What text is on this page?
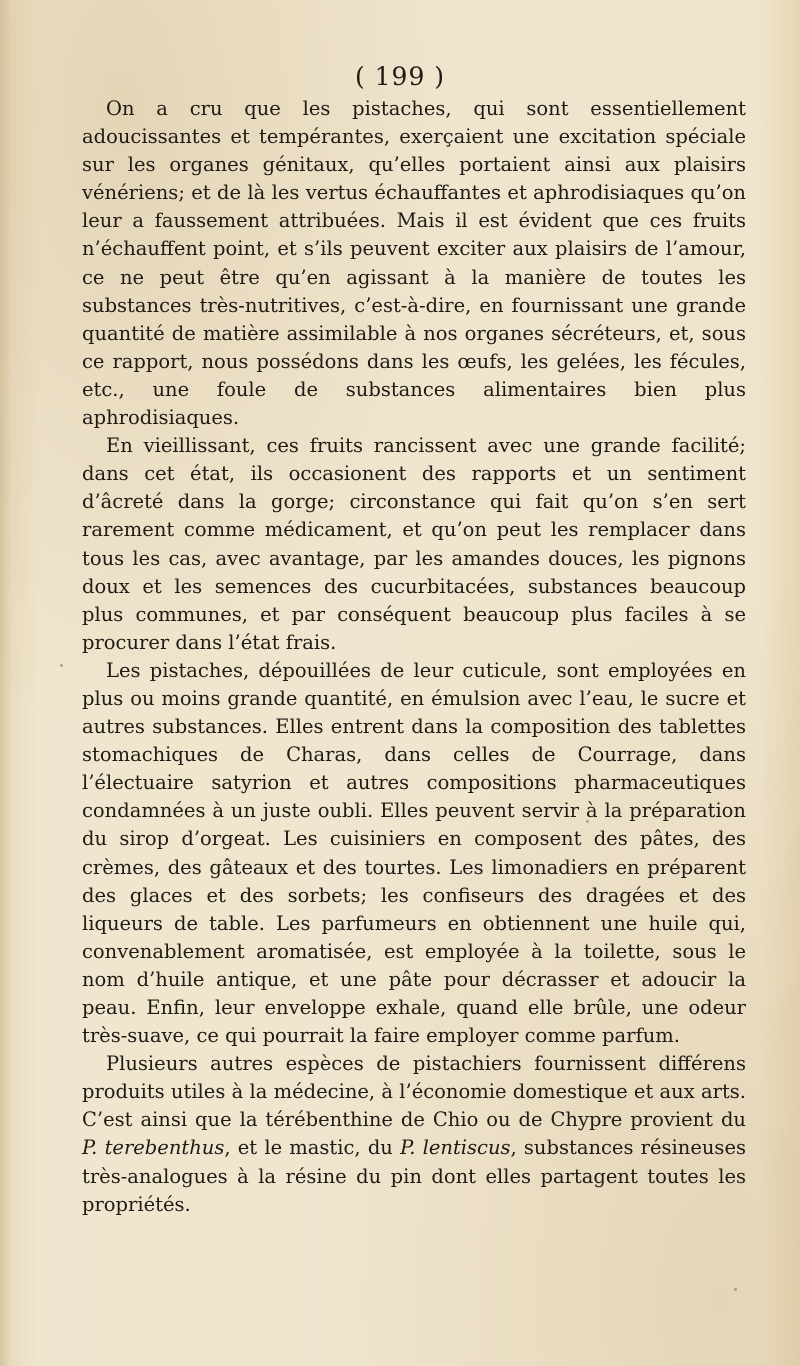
( 199 )

On a cru que les pistaches, qui sont essentiellement adoucissantes et tempérantes, exerçaient une excitation spéciale sur les organes génitaux, qu’elles portaient ainsi aux plaisirs vénériens; et de là les vertus échauffantes et aphrodisiaques qu’on leur a faussement attribuées. Mais il est évident que ces fruits n’échauffent point, et s’ils peuvent exciter aux plaisirs de l’amour, ce ne peut être qu’en agissant à la manière de toutes les substances très-nutritives, c’est-à-dire, en fournissant une grande quantité de matière assimilable à nos organes sécréteurs, et, sous ce rapport, nous possédons dans les œufs, les gelées, les fécules, etc., une foule de substances alimentaires bien plus aphrodisiaques.

En vieillissant, ces fruits rancissent avec une grande facilité; dans cet état, ils occasionent des rapports et un sentiment d’âcreté dans la gorge; circonstance qui fait qu’on s’en sert rarement comme médicament, et qu’on peut les remplacer dans tous les cas, avec avantage, par les amandes douces, les pignons doux et les semences des cucurbitacées, substances beaucoup plus communes, et par conséquent beaucoup plus faciles à se procurer dans l’état frais.

Les pistaches, dépouillées de leur cuticule, sont employées en plus ou moins grande quantité, en émulsion avec l’eau, le sucre et autres substances. Elles entrent dans la composition des tablettes stomachiques de Charas, dans celles de Courrage, dans l’électuaire satyrion et autres compositions pharmaceutiques condamnées à un juste oubli. Elles peuvent servir à la préparation du sirop d’orgeat. Les cuisiniers en composent des pâtes, des crèmes, des gâteaux et des tourtes. Les limonadiers en préparent des glaces et des sorbets; les confiseurs des dragées et des liqueurs de table. Les parfumeurs en obtiennent une huile qui, convenablement aromatisée, est employée à la toilette, sous le nom d’huile antique, et une pâte pour décrasser et adoucir la peau. Enfin, leur enveloppe exhale, quand elle brûle, une odeur très-suave, ce qui pourrait la faire employer comme parfum.

Plusieurs autres espèces de pistachiers fournissent différens produits utiles à la médecine, à l’économie domestique et aux arts. C’est ainsi que la térébenthine de Chio ou de Chypre provient du P. terebenthus, et le mastic, du P. lentiscus, substances résineuses très-analogues à la résine du pin dont elles partagent toutes les propriétés.
